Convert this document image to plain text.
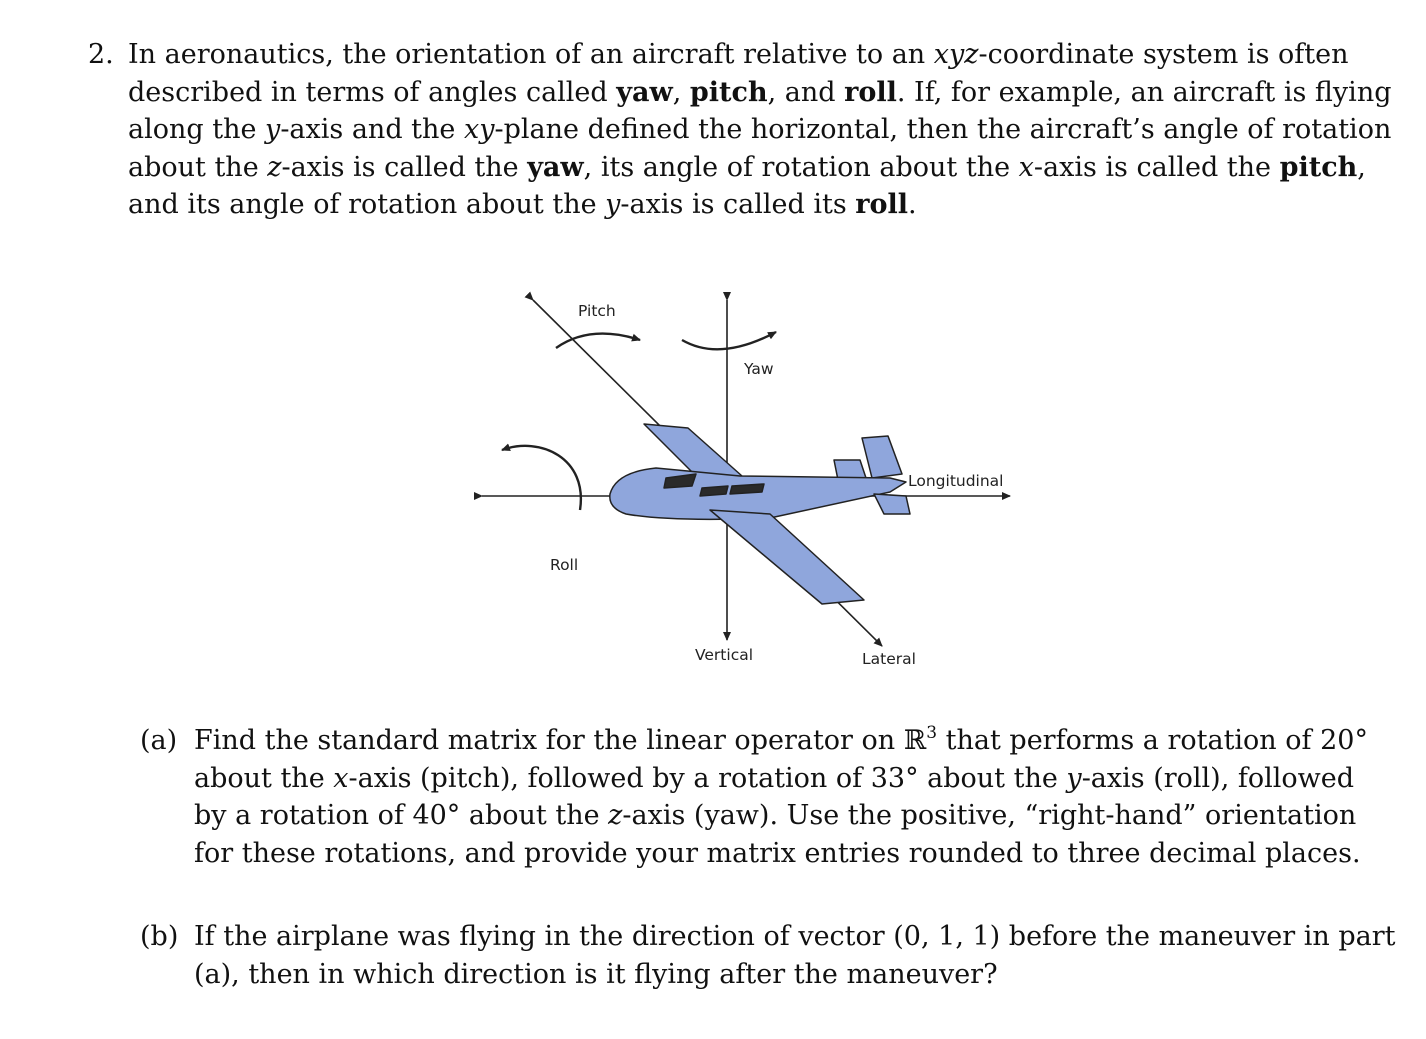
2. In aeronautics, the orientation of an aircraft relative to an xyz-coordinate system is often
described in terms of angles called yaw, pitch, and roll. If, for example, an aircraft is flying
along the y-axis and the xy-plane defined the horizontal, then the aircraft’s angle of rotation
about the z-axis is called the yaw, its angle of rotation about the x-axis is called the pitch,
and its angle of rotation about the y-axis is called its roll.
Pitch
Yaw
Roll
Longitudinal
Vertical	Lateral
(a) Find the standard matrix for the linear operator on ℝ$^3$ that performs a rotation of 20°
about the x-axis (pitch), followed by a rotation of 33° about the y-axis (roll), followed
by a rotation of 40° about the z-axis (yaw). Use the positive, “right-hand” orientation
for these rotations, and provide your matrix entries rounded to three decimal places.
(b) If the airplane was flying in the direction of vector (0, 1, 1) before the maneuver in part
(a), then in which direction is it flying after the maneuver?
